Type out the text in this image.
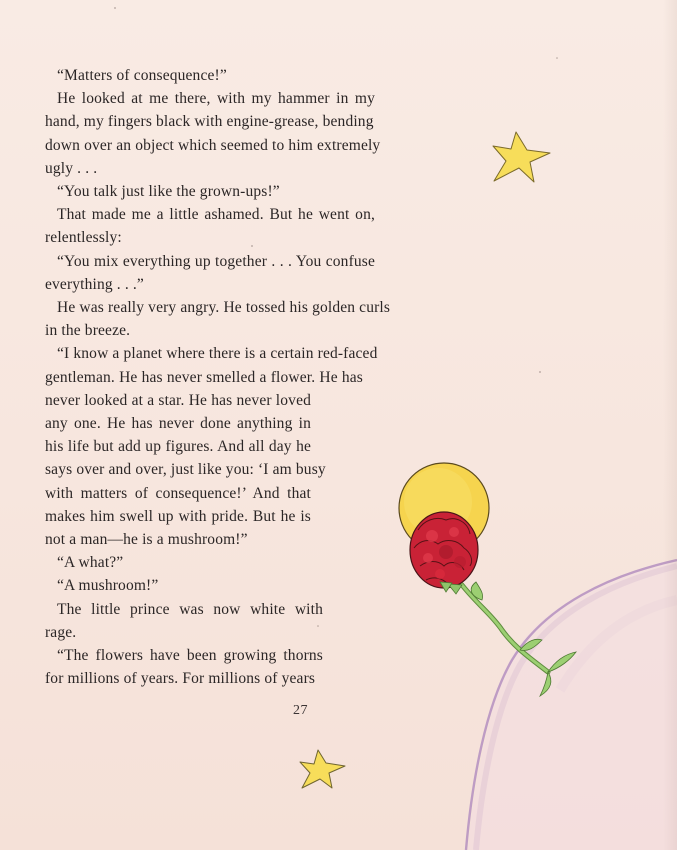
“Matters of consequence!”
He looked at me there, with my hammer in my
hand, my fingers black with engine-grease, bending
down over an object which seemed to him extremely
ugly . . .
“You talk just like the grown-ups!”
That made me a little ashamed. But he went on,
relentlessly:
“You mix everything up together . . . You confuse
everything . . .”
He was really very angry. He tossed his golden curls
in the breeze.
“I know a planet where there is a certain red-faced
gentleman. He has never smelled a flower. He has
never looked at a star. He has never loved
any one. He has never done anything in
his life but add up figures. And all day he
says over and over, just like you: ‘I am busy
with matters of consequence!’ And that
makes him swell up with pride. But he is
not a man—he is a mushroom!”
“A what?”
“A mushroom!”
The little prince was now white with
rage.
“The flowers have been growing thorns
for millions of years. For millions of years
27
